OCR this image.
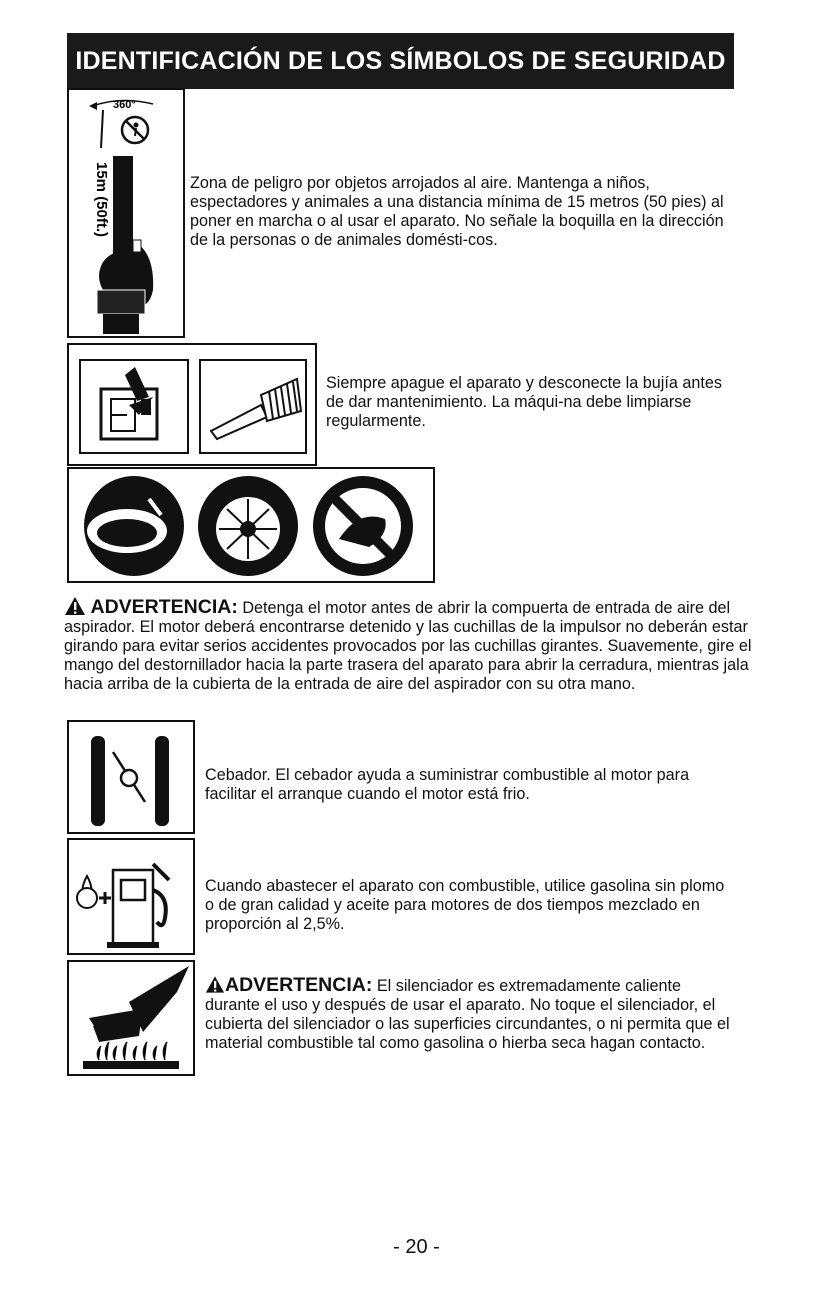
IDENTIFICACIÓN DE LOS SÍMBOLOS DE SEGURIDAD
360°
15m (50ft.)	Zona de peligro por objetos arrojados al aire. Mantenga a niños, espectadores y animales a una distancia mínima de 15 metros (50 pies) al poner en marcha o al usar el aparato. No señale la boquilla en la dirección de la personas o de animales domésti-cos.
Siempre apague el aparato y desconecte la bujía antes de dar mantenimiento. La máqui-na debe limpiarse regularmente.
ADVERTENCIA: Detenga el motor antes de abrir la compuerta de entrada de aire del aspirador. El motor deberá encontrarse detenido y las cuchillas de la impulsor no deberán estar girando para evitar serios accidentes provocados por las cuchillas girantes. Suavemente, gire el mango del destornillador hacia la parte trasera del aparato para abrir la cerradura, mientras jala hacia arriba de la cubierta de la entrada de aire del aspirador con su otra mano.
Cebador. El cebador ayuda a suministrar combustible al motor para facilitar el arranque cuando el motor está frio.
Cuando abastecer el aparato con combustible, utilice gasolina sin plomo o de gran calidad y aceite para motores de dos tiempos mezclado en proporción al 2,5%.
ADVERTENCIA: El silenciador es extremadamente caliente durante el uso y después de usar el aparato. No toque el silenciador, el cubierta del silenciador o las superficies circundantes, o ni permita que el material combustible tal como gasolina o hierba seca hagan contacto.
- 20 -
